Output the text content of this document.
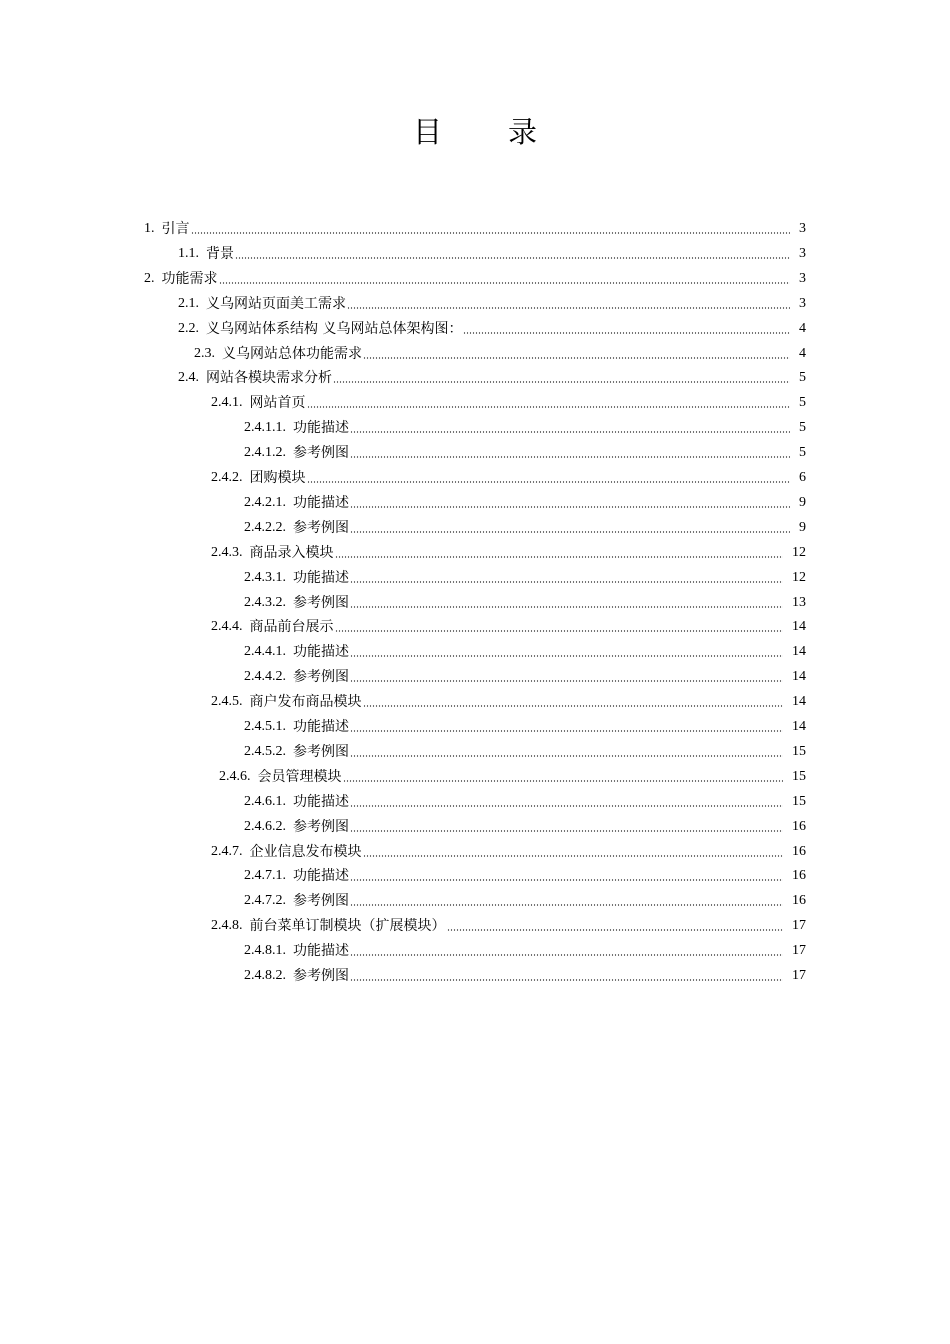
目录
1. 引言	3
1.1. 背景	3
2. 功能需求	3
2.1. 义乌网站页面美工需求	3
2.2. 义乌网站体系结构 义乌网站总体架构图：	4
2.3. 义乌网站总体功能需求	4
2.4. 网站各模块需求分析	5
2.4.1. 网站首页	5
2.4.1.1. 功能描述	5
2.4.1.2. 参考例图	5
2.4.2. 团购模块	6
2.4.2.1. 功能描述	9
2.4.2.2. 参考例图	9
2.4.3. 商品录入模块	12
2.4.3.1. 功能描述	12
2.4.3.2. 参考例图	13
2.4.4. 商品前台展示	14
2.4.4.1. 功能描述	14
2.4.4.2. 参考例图	14
2.4.5. 商户发布商品模块	14
2.4.5.1. 功能描述	14
2.4.5.2. 参考例图	15
2.4.6. 会员管理模块	15
2.4.6.1. 功能描述	15
2.4.6.2. 参考例图	16
2.4.7. 企业信息发布模块	16
2.4.7.1. 功能描述	16
2.4.7.2. 参考例图	16
2.4.8. 前台菜单订制模块（扩展模块）	17
2.4.8.1. 功能描述	17
2.4.8.2. 参考例图	17
